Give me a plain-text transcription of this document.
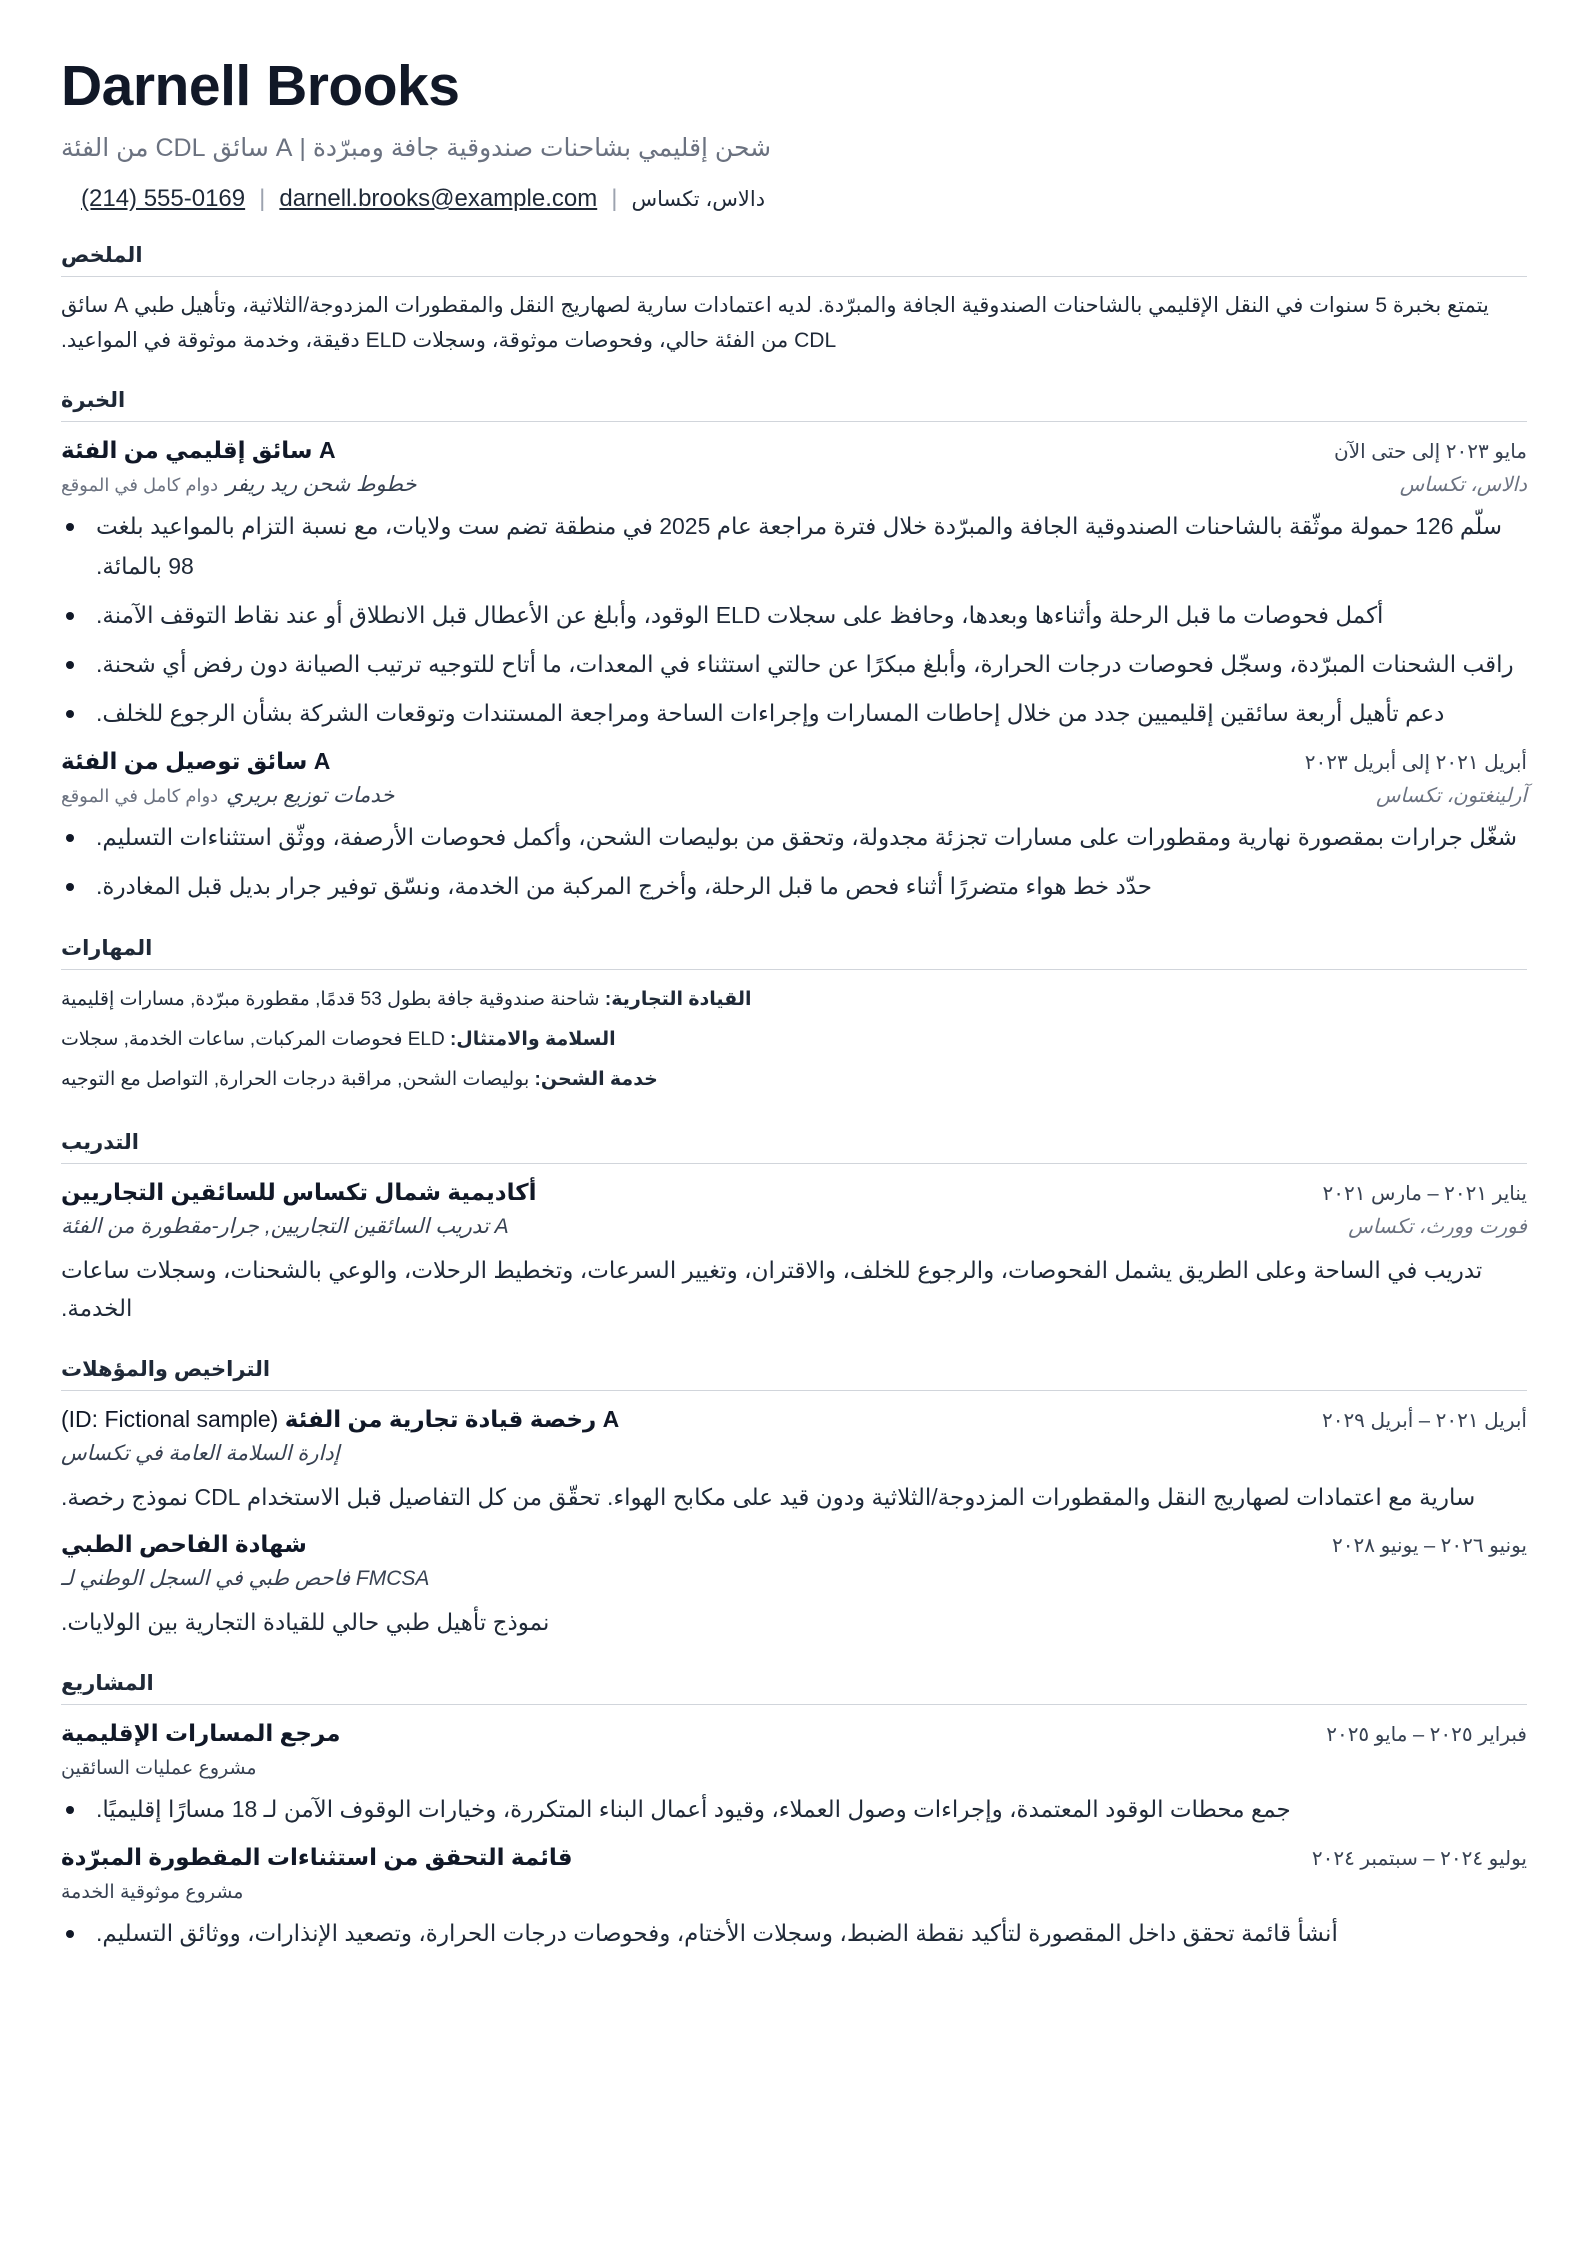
Darnell Brooks
شحن إقليمي بشاحنات صندوقية جافة ومبرّدة | A سائق CDL من الفئة
(214) 555-0169 | darnell.brooks@example.com | دالاس، تكساس
الملخص
يتمتع بخبرة 5 سنوات في النقل الإقليمي بالشاحنات الصندوقية الجافة والمبرّدة. لديه اعتمادات سارية لصهاريج النقل والمقطورات المزدوجة/الثلاثية، وتأهيل طبي A سائق CDL من الفئة حالي، وفحوصات موثوقة، وسجلات ELD دقيقة، وخدمة موثوقة في المواعيد.
الخبرة
A سائق إقليمي من الفئة	مايو ٢٠٢٣ إلى حتى الآن
خطوط شحن ريد ريفر
دوام كامل في الموقع	دالاس، تكساس
سلّم 126 حمولة موثّقة بالشاحنات الصندوقية الجافة والمبرّدة خلال فترة مراجعة عام 2025 في منطقة تضم ست ولايات، مع نسبة التزام بالمواعيد بلغت 98 بالمائة.
أكمل فحوصات ما قبل الرحلة وأثناءها وبعدها، وحافظ على سجلات ELD الوقود، وأبلغ عن الأعطال قبل الانطلاق أو عند نقاط التوقف الآمنة.
راقب الشحنات المبرّدة، وسجّل فحوصات درجات الحرارة، وأبلغ مبكرًا عن حالتي استثناء في المعدات، ما أتاح للتوجيه ترتيب الصيانة دون رفض أي شحنة.
دعم تأهيل أربعة سائقين إقليميين جدد من خلال إحاطات المسارات وإجراءات الساحة ومراجعة المستندات وتوقعات الشركة بشأن الرجوع للخلف.
A سائق توصيل من الفئة	أبريل ٢٠٢١ إلى أبريل ٢٠٢٣
خدمات توزيع بريري
دوام كامل في الموقع	آرلينغتون، تكساس
شغّل جرارات بمقصورة نهارية ومقطورات على مسارات تجزئة مجدولة، وتحقق من بوليصات الشحن، وأكمل فحوصات الأرصفة، ووثّق استثناءات التسليم.
حدّد خط هواء متضررًا أثناء فحص ما قبل الرحلة، وأخرج المركبة من الخدمة، ونسّق توفير جرار بديل قبل المغادرة.
المهارات
القيادة التجارية: شاحنة صندوقية جافة بطول 53 قدمًا, مقطورة مبرّدة, مسارات إقليمية
السلامة والامتثال: ELD فحوصات المركبات, ساعات الخدمة, سجلات
خدمة الشحن: بوليصات الشحن, مراقبة درجات الحرارة, التواصل مع التوجيه
التدريب
أكاديمية شمال تكساس للسائقين التجاريين	يناير ٢٠٢١ – مارس ٢٠٢١
A تدريب السائقين التجاريين, جرار-مقطورة من الفئة	فورت وورث، تكساس
تدريب في الساحة وعلى الطريق يشمل الفحوصات، والرجوع للخلف، والاقتران، وتغيير السرعات، وتخطيط الرحلات، والوعي بالشحنات، وسجلات ساعات الخدمة.
التراخيص والمؤهلات
A رخصة قيادة تجارية من الفئة (ID: Fictional sample)	أبريل ٢٠٢١ – أبريل ٢٠٢٩
إدارة السلامة العامة في تكساس
سارية مع اعتمادات لصهاريج النقل والمقطورات المزدوجة/الثلاثية ودون قيد على مكابح الهواء. تحقّق من كل التفاصيل قبل الاستخدام CDL نموذج رخصة.
شهادة الفاحص الطبي	يونيو ٢٠٢٦ – يونيو ٢٠٢٨
FMCSA فاحص طبي في السجل الوطني لـ
نموذج تأهيل طبي حالي للقيادة التجارية بين الولايات.
المشاريع
مرجع المسارات الإقليمية	فبراير ٢٠٢٥ – مايو ٢٠٢٥
مشروع عمليات السائقين
جمع محطات الوقود المعتمدة، وإجراءات وصول العملاء، وقيود أعمال البناء المتكررة، وخيارات الوقوف الآمن لـ 18 مسارًا إقليميًا.
قائمة التحقق من استثناءات المقطورة المبرّدة	يوليو ٢٠٢٤ – سبتمبر ٢٠٢٤
مشروع موثوقية الخدمة
أنشأ قائمة تحقق داخل المقصورة لتأكيد نقطة الضبط، وسجلات الأختام، وفحوصات درجات الحرارة، وتصعيد الإنذارات، ووثائق التسليم.
